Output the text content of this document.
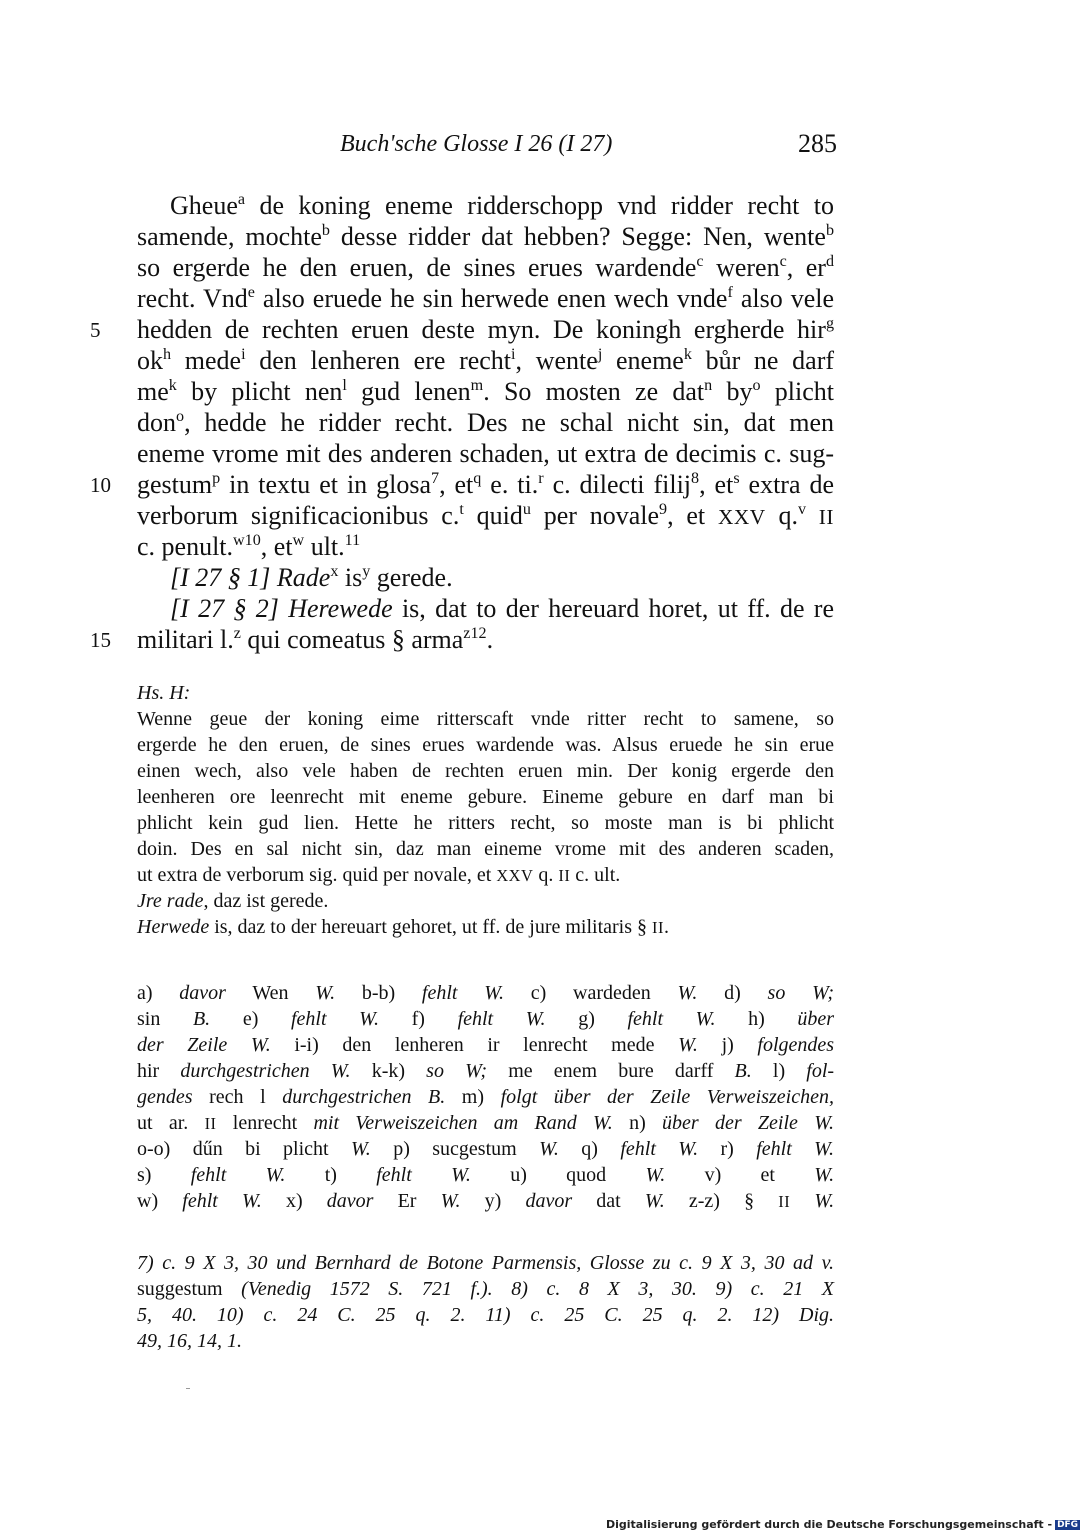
Buch'sche Glosse I 26 (I 27)	285
Gheue$^a$ de koning eneme ridderschopp vnd ridder recht to
samende, mochte$^b$ desse ridder dat hebben? Segge: Nen, wente$^b$
so ergerde he den eruen, de sines erues wardende$^c$ weren$^c$, $er^d$
recht. Vnd$^e$ also eruede he sin herwede enen wech vnde$^f$ also vele
hedden de rechten eruen deste myn. De koningh ergherde hir$^g$
$ok^h$ mede$^i$ den lenheren ere recht$^i$, wente$^j$ eneme$^k$ bůr ne darf
$me^k$ by plicht nen$^l$ gud lenen$^m$. So mosten ze dat$^n$ $by^o$ plicht
don$^o$, hedde he ridder recht. Des ne schal nicht sin, dat men
eneme vrome mit des anderen schaden, ut extra de decimis c. sug-
gestum$^p$ in textu et in glosa$^7$, $et^q$ e. ti.$^r$ c. dilecti filij$^8$, $et^s$ extra de
verborum significacionibus c.$^t$ quid$^u$ per novale$^9$, et XXV q.$^v$ II
c. penult.$^{w10}$, $et^w$ ult.$^{11}$
[I 27 § 1] Rade$^x$ $is^y$ gerede.
[I 27 § 2] Herewede is, dat to der hereuard horet, ut ff. de re
militari l.$^z$ qui comeatus § arma$^{z12}$.
5
10
15
Hs. H:
Wenne geue der koning eime ritterscaft vnde ritter recht to samene, so
ergerde he den eruen, de sines erues wardende was. Alsus eruede he sin erue
einen wech, also vele haben de rechten eruen min. Der konig ergerde den
leenheren ore leenrecht mit eneme gebure. Eineme gebure en darf man bi
phlicht kein gud lien. Hette he ritters recht, so moste man is bi phlicht
doin. Des en sal nicht sin, daz man eineme vrome mit des anderen scaden,
ut extra de verborum sig. quid per novale, et XXV q. II c. ult.
Jre rade, daz ist gerede.
Herwede is, daz to der hereuart gehoret, ut ff. de jure militaris § II.
a) davor Wen W. b-b) fehlt W. c) wardeden W. d) so W;
sin B. e) fehlt W. f) fehlt W. g) fehlt W. h) über
der Zeile W. i-i) den lenheren ir lenrecht mede W. j) folgendes
hir durchgestrichen W. k-k) so W; me enem bure darff B. l) fol-
gendes rech l durchgestrichen B. m) folgt über der Zeile Verweiszeichen,
ut ar. II lenrecht mit Verweiszeichen am Rand W. n) über der Zeile W.
o-o) dűn bi plicht W. p) sucgestum W. q) fehlt W. r) fehlt W.
s) fehlt W. t) fehlt W. u) quod W. v) et W.
w) fehlt W. x) davor Er W. y) davor dat W. z-z) § II W.
7) c. 9 X 3, 30 und Bernhard de Botone Parmensis, Glosse zu c. 9 X 3, 30 ad v.
suggestum (Venedig 1572 S. 721 f.). 8) c. 8 X 3, 30. 9) c. 21 X
5, 40. 10) c. 24 C. 25 q. 2. 11) c. 25 C. 25 q. 2. 12) Dig.
49, 16, 14, 1.
Digitalisierung gefördert durch die Deutsche Forschungsgemeinschaft - DFG
